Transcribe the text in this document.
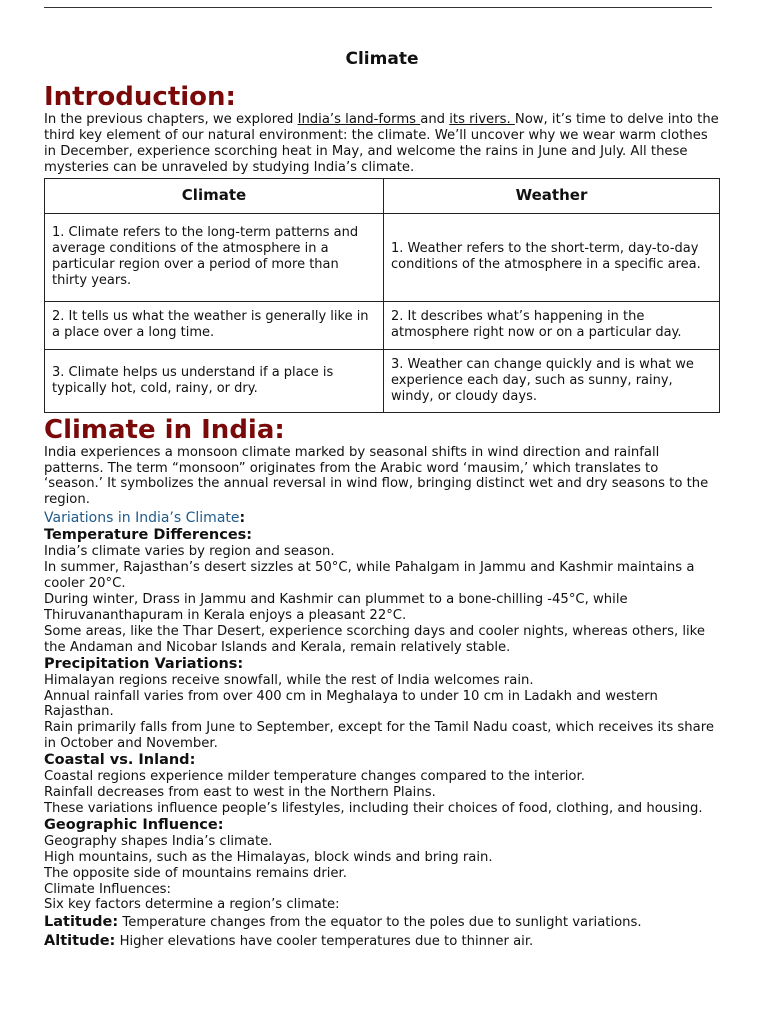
Climate
Introduction:

In the previous chapters, we explored India’s land-forms and its rivers. Now, it’s time to delve into the third key element of our natural environment: the climate. We’ll uncover why we wear warm clothes in December, experience scorching heat in May, and welcome the rains in June and July. All these mysteries can be unraveled by studying India’s climate.

Climate	Weather
1. Climate refers to the long-term patterns and average conditions of the atmosphere in a particular region over a period of more than thirty years.	1. Weather refers to the short-term, day-to-day conditions of the atmosphere in a specific area.
2. It tells us what the weather is generally like in a place over a long time.	2. It describes what’s happening in the atmosphere right now or on a particular day.
3. Climate helps us understand if a place is typically hot, cold, rainy, or dry.	3. Weather can change quickly and is what we experience each day, such as sunny, rainy, windy, or cloudy days.
Climate in India:

India experiences a monsoon climate marked by seasonal shifts in wind direction and rainfall patterns. The term “monsoon” originates from the Arabic word ‘mausim,’ which translates to ‘season.’ It symbolizes the annual reversal in wind flow, bringing distinct wet and dry seasons to the region.

Variations in India’s Climate:

Temperature Differences:

India’s climate varies by region and season.

In summer, Rajasthan’s desert sizzles at 50°C, while Pahalgam in Jammu and Kashmir maintains a cooler 20°C.

During winter, Drass in Jammu and Kashmir can plummet to a bone-chilling -45°C, while Thiruvananthapuram in Kerala enjoys a pleasant 22°C.

Some areas, like the Thar Desert, experience scorching days and cooler nights, whereas others, like the Andaman and Nicobar Islands and Kerala, remain relatively stable.

Precipitation Variations:

Himalayan regions receive snowfall, while the rest of India welcomes rain.

Annual rainfall varies from over 400 cm in Meghalaya to under 10 cm in Ladakh and western Rajasthan.

Rain primarily falls from June to September, except for the Tamil Nadu coast, which receives its share in October and November.

Coastal vs. Inland:

Coastal regions experience milder temperature changes compared to the interior.

Rainfall decreases from east to west in the Northern Plains.

These variations influence people’s lifestyles, including their choices of food, clothing, and housing.

Geographic Influence:

Geography shapes India’s climate.

High mountains, such as the Himalayas, block winds and bring rain.

The opposite side of mountains remains drier.

Climate Influences:

Six key factors determine a region’s climate:

Latitude: Temperature changes from the equator to the poles due to sunlight variations.

Altitude: Higher elevations have cooler temperatures due to thinner air.
